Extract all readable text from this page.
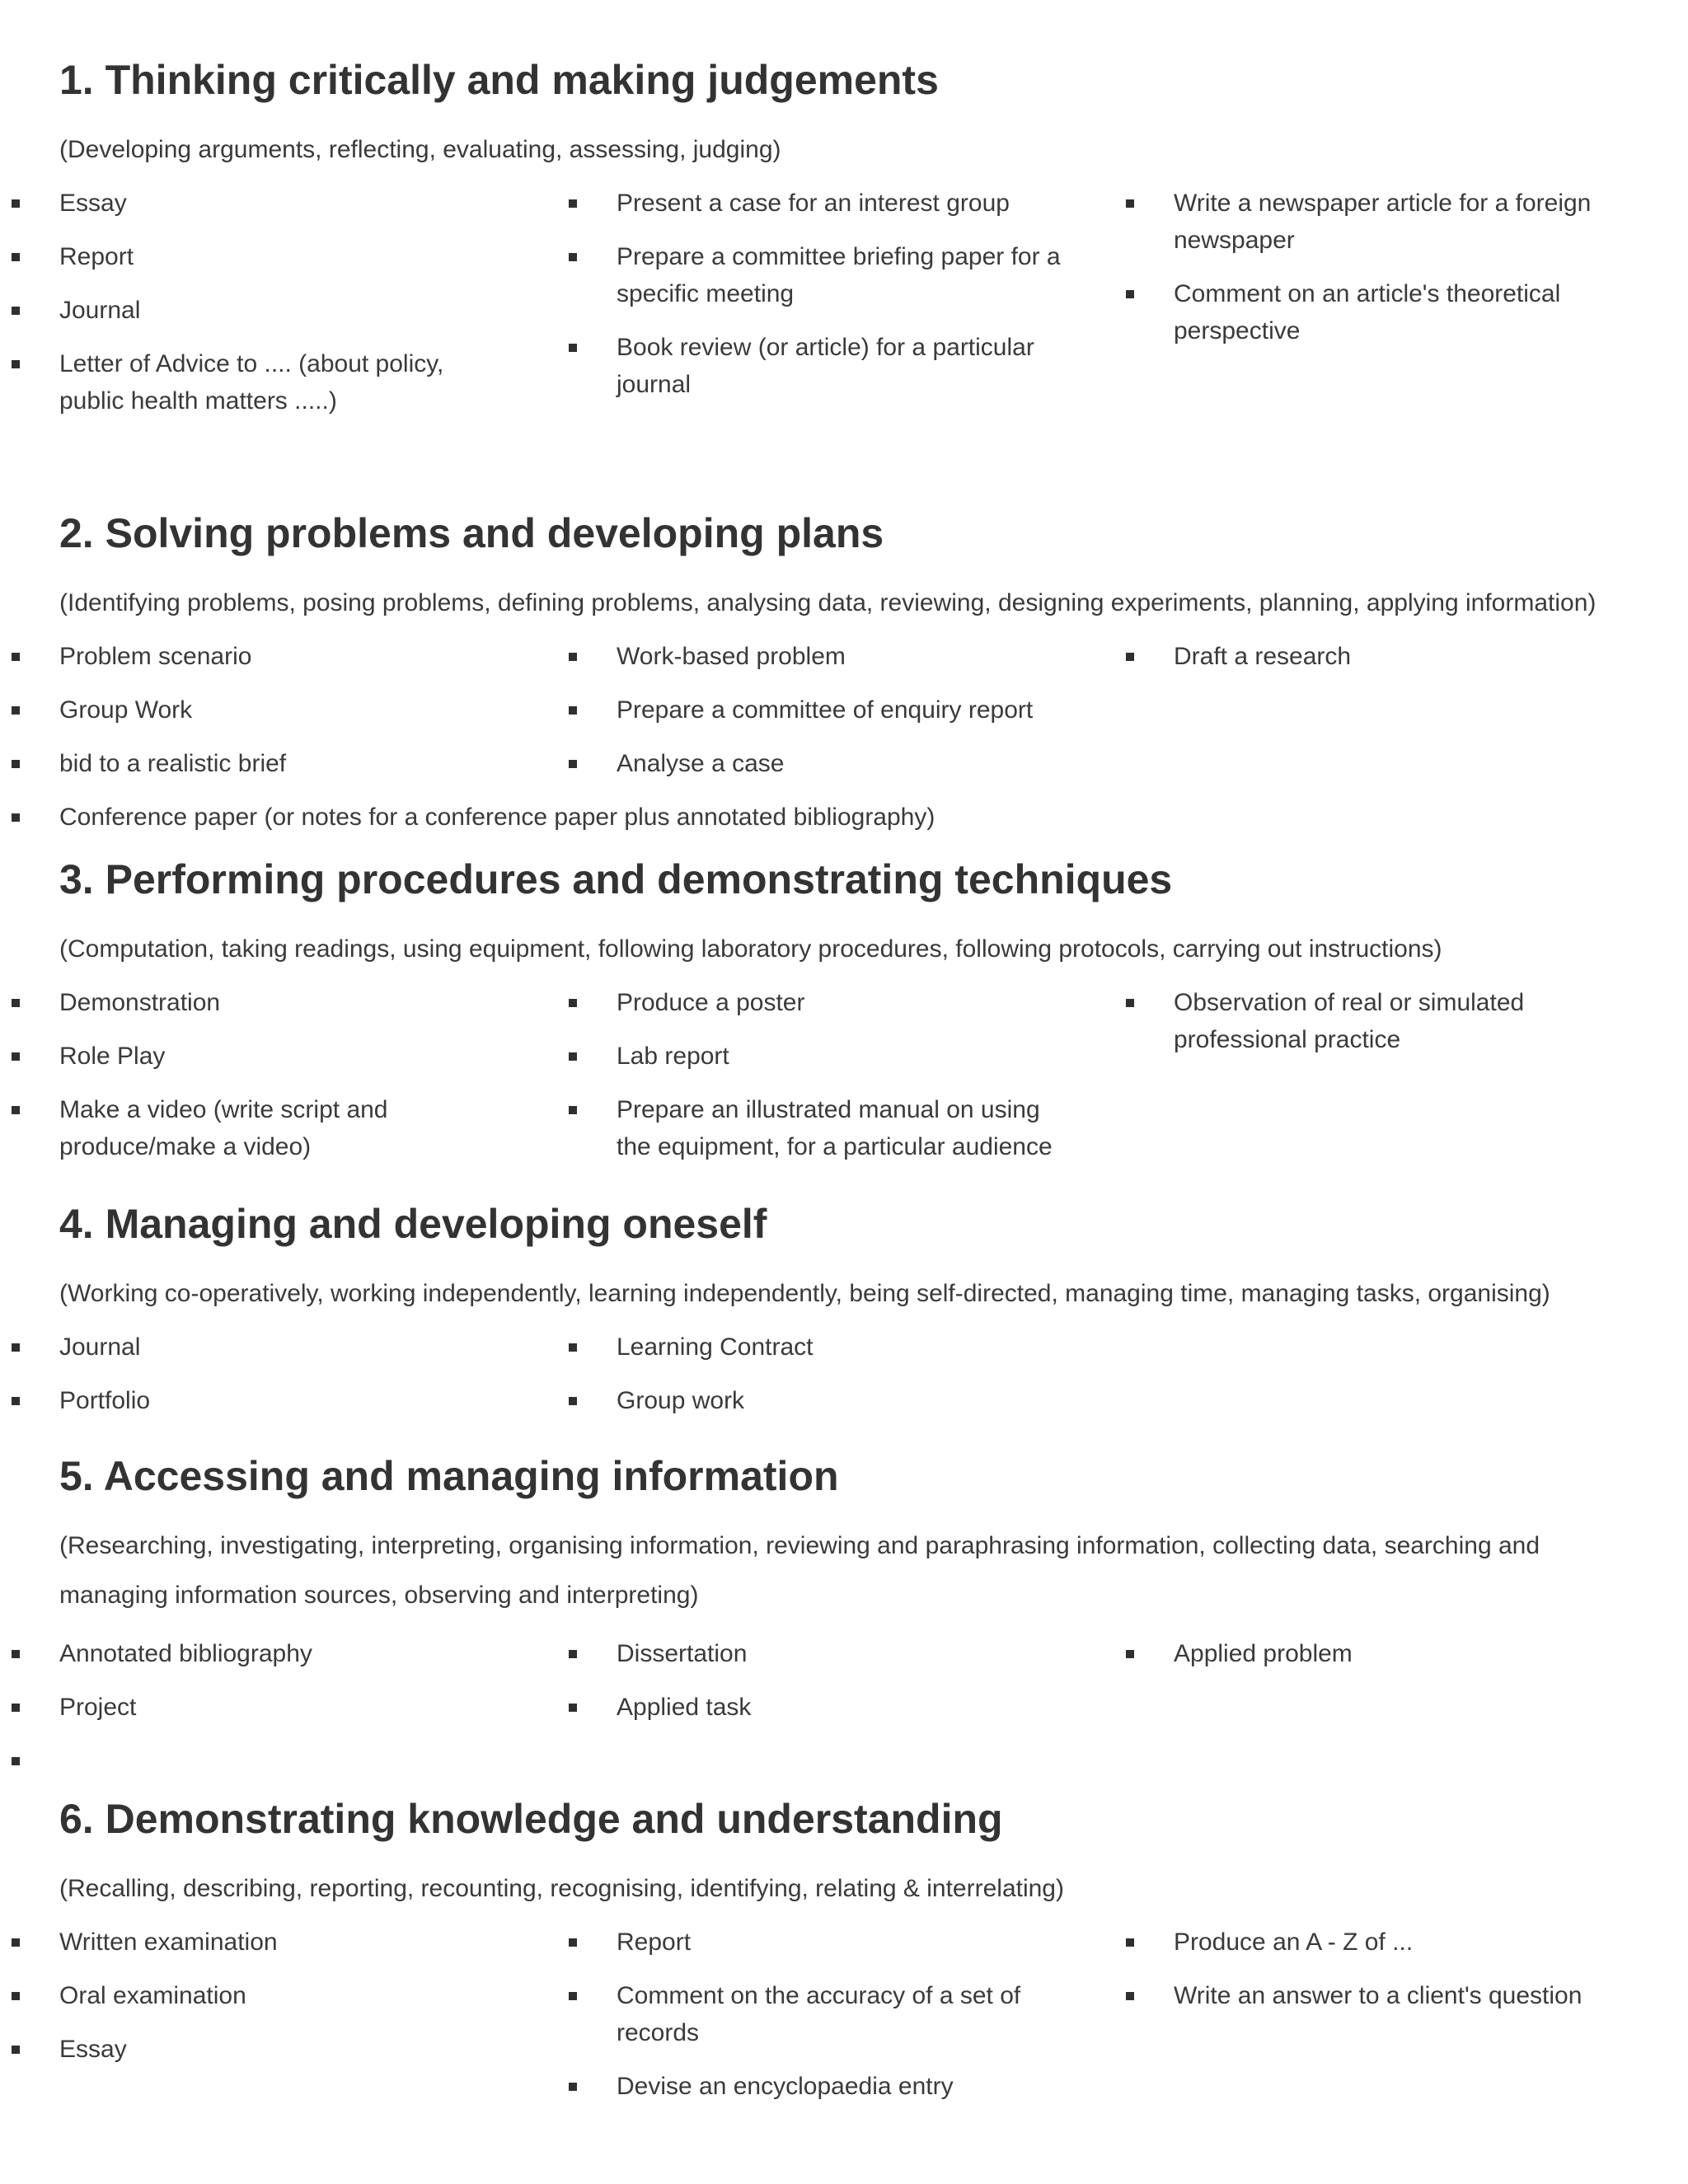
1. Thinking critically and making judgements
(Developing arguments, reflecting, evaluating, assessing, judging)
Essay
Report
Journal
Letter of Advice to .... (about policy, public health matters .....)
Present a case for an interest group
Prepare a committee briefing paper for a specific meeting
Book review (or article) for a particular journal
Write a newspaper article for a foreign newspaper
Comment on an article's theoretical perspective
2. Solving problems and developing plans
(Identifying problems, posing problems, defining problems, analysing data, reviewing, designing experiments, planning, applying information)
Problem scenario
Group Work
bid to a realistic brief
Conference paper (or notes for a conference paper plus annotated bibliography)
Work-based problem
Prepare a committee of enquiry report
Analyse a case
Draft a research
3. Performing procedures and demonstrating techniques
(Computation, taking readings, using equipment, following laboratory procedures, following protocols, carrying out instructions)
Demonstration
Role Play
Make a video (write script and produce/make a video)
Produce a poster
Lab report
Prepare an illustrated manual on using the equipment, for a particular audience
Observation of real or simulated professional practice
4. Managing and developing oneself
(Working co-operatively, working independently, learning independently, being self-directed, managing time, managing tasks, organising)
Journal
Portfolio
Learning Contract
Group work
5. Accessing and managing information
(Researching, investigating, interpreting, organising information, reviewing and paraphrasing information, collecting data, searching and managing information sources, observing and interpreting)
Annotated bibliography
Project
Dissertation
Applied task
Applied problem
6. Demonstrating knowledge and understanding
(Recalling, describing, reporting, recounting, recognising, identifying, relating & interrelating)
Written examination
Oral examination
Essay
Report
Comment on the accuracy of a set of records
Devise an encyclopaedia entry
Produce an A - Z of ...
Write an answer to a client's question
